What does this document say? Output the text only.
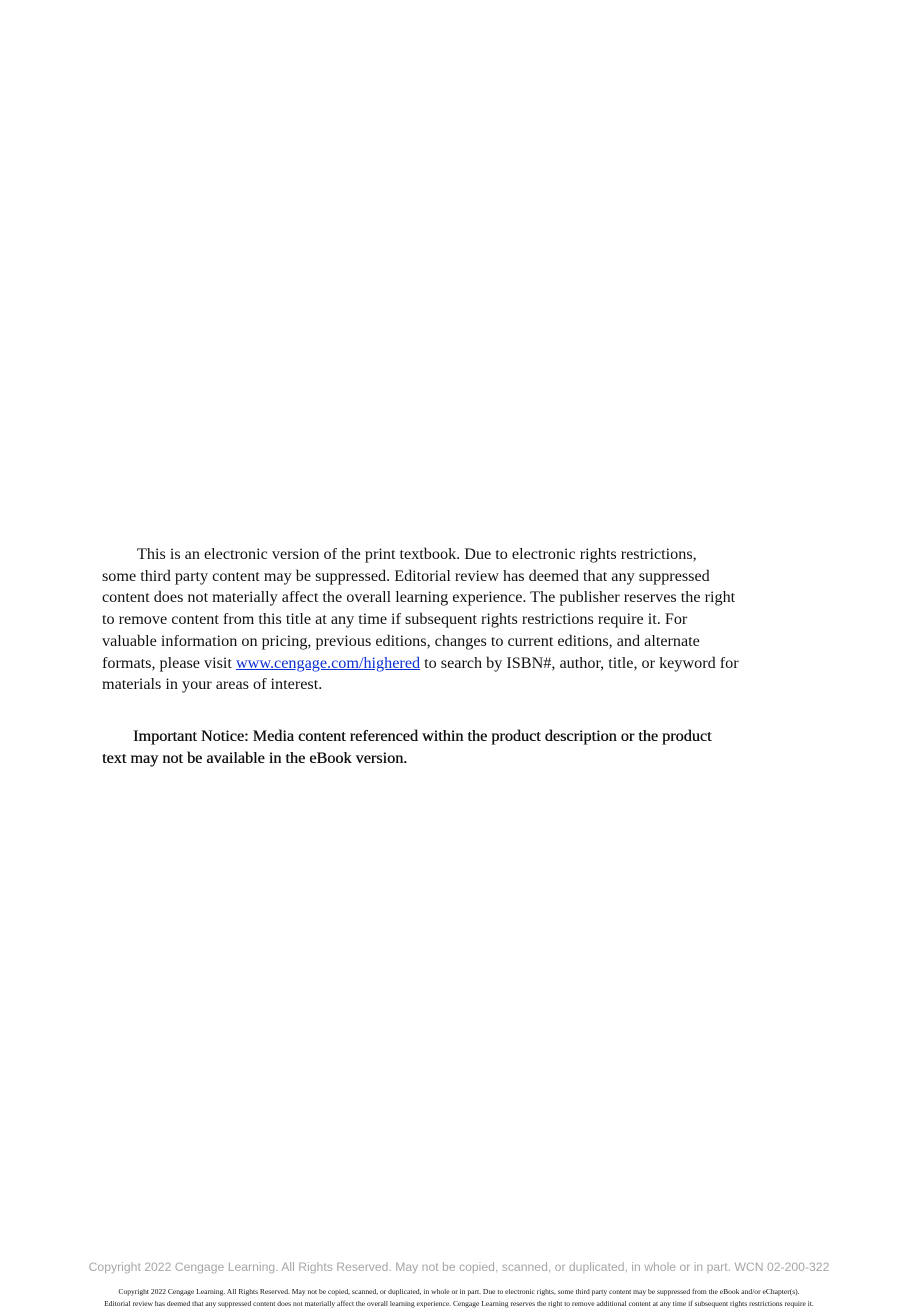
This is an electronic version of the print textbook. Due to electronic rights restrictions,
some third party content may be suppressed. Editorial review has deemed that any suppressed
content does not materially affect the overall learning experience. The publisher reserves the right
to remove content from this title at any time if subsequent rights restrictions require it. For
valuable information on pricing, previous editions, changes to current editions, and alternate
formats, please visit www.cengage.com/highered to search by ISBN#, author, title, or keyword for
materials in your areas of interest.
Important Notice: Media content referenced within the product description or the product
text may not be available in the eBook version.
Copyright 2022 Cengage Learning. All Rights Reserved. May not be copied, scanned, or duplicated, in whole or in part. WCN 02-200-322
Copyright 2022 Cengage Learning. All Rights Reserved. May not be copied, scanned, or duplicated, in whole or in part. Due to electronic rights, some third party content may be suppressed from the eBook and/or eChapter(s).
Editorial review has deemed that any suppressed content does not materially affect the overall learning experience. Cengage Learning reserves the right to remove additional content at any time if subsequent rights restrictions require it.
